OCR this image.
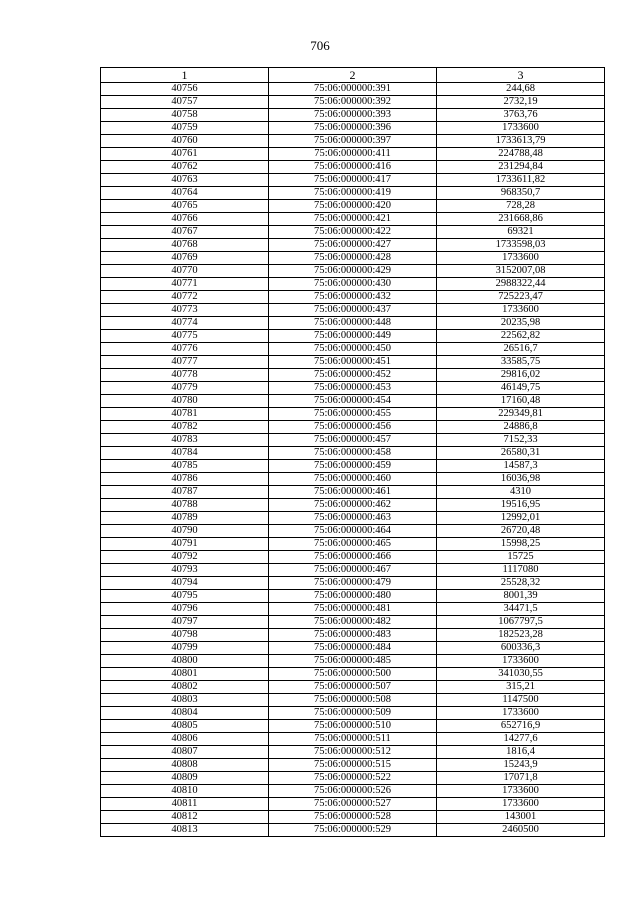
706
1	2	3
40756	75:06:000000:391	244,68
40757	75:06:000000:392	2732,19
40758	75:06:000000:393	3763,76
40759	75:06:000000:396	1733600
40760	75:06:000000:397	1733613,79
40761	75:06:000000:411	224788,48
40762	75:06:000000:416	231294,84
40763	75:06:000000:417	1733611,82
40764	75:06:000000:419	968350,7
40765	75:06:000000:420	728,28
40766	75:06:000000:421	231668,86
40767	75:06:000000:422	69321
40768	75:06:000000:427	1733598,03
40769	75:06:000000:428	1733600
40770	75:06:000000:429	3152007,08
40771	75:06:000000:430	2988322,44
40772	75:06:000000:432	725223,47
40773	75:06:000000:437	1733600
40774	75:06:000000:448	20235,98
40775	75:06:000000:449	22562,82
40776	75:06:000000:450	26516,7
40777	75:06:000000:451	33585,75
40778	75:06:000000:452	29816,02
40779	75:06:000000:453	46149,75
40780	75:06:000000:454	17160,48
40781	75:06:000000:455	229349,81
40782	75:06:000000:456	24886,8
40783	75:06:000000:457	7152,33
40784	75:06:000000:458	26580,31
40785	75:06:000000:459	14587,3
40786	75:06:000000:460	16036,98
40787	75:06:000000:461	4310
40788	75:06:000000:462	19516,95
40789	75:06:000000:463	12992,01
40790	75:06:000000:464	26720,48
40791	75:06:000000:465	15998,25
40792	75:06:000000:466	15725
40793	75:06:000000:467	1117080
40794	75:06:000000:479	25528,32
40795	75:06:000000:480	8001,39
40796	75:06:000000:481	34471,5
40797	75:06:000000:482	1067797,5
40798	75:06:000000:483	182523,28
40799	75:06:000000:484	600336,3
40800	75:06:000000:485	1733600
40801	75:06:000000:500	341030,55
40802	75:06:000000:507	315,21
40803	75:06:000000:508	1147500
40804	75:06:000000:509	1733600
40805	75:06:000000:510	652716,9
40806	75:06:000000:511	14277,6
40807	75:06:000000:512	1816,4
40808	75:06:000000:515	15243,9
40809	75:06:000000:522	17071,8
40810	75:06:000000:526	1733600
40811	75:06:000000:527	1733600
40812	75:06:000000:528	143001
40813	75:06:000000:529	2460500
